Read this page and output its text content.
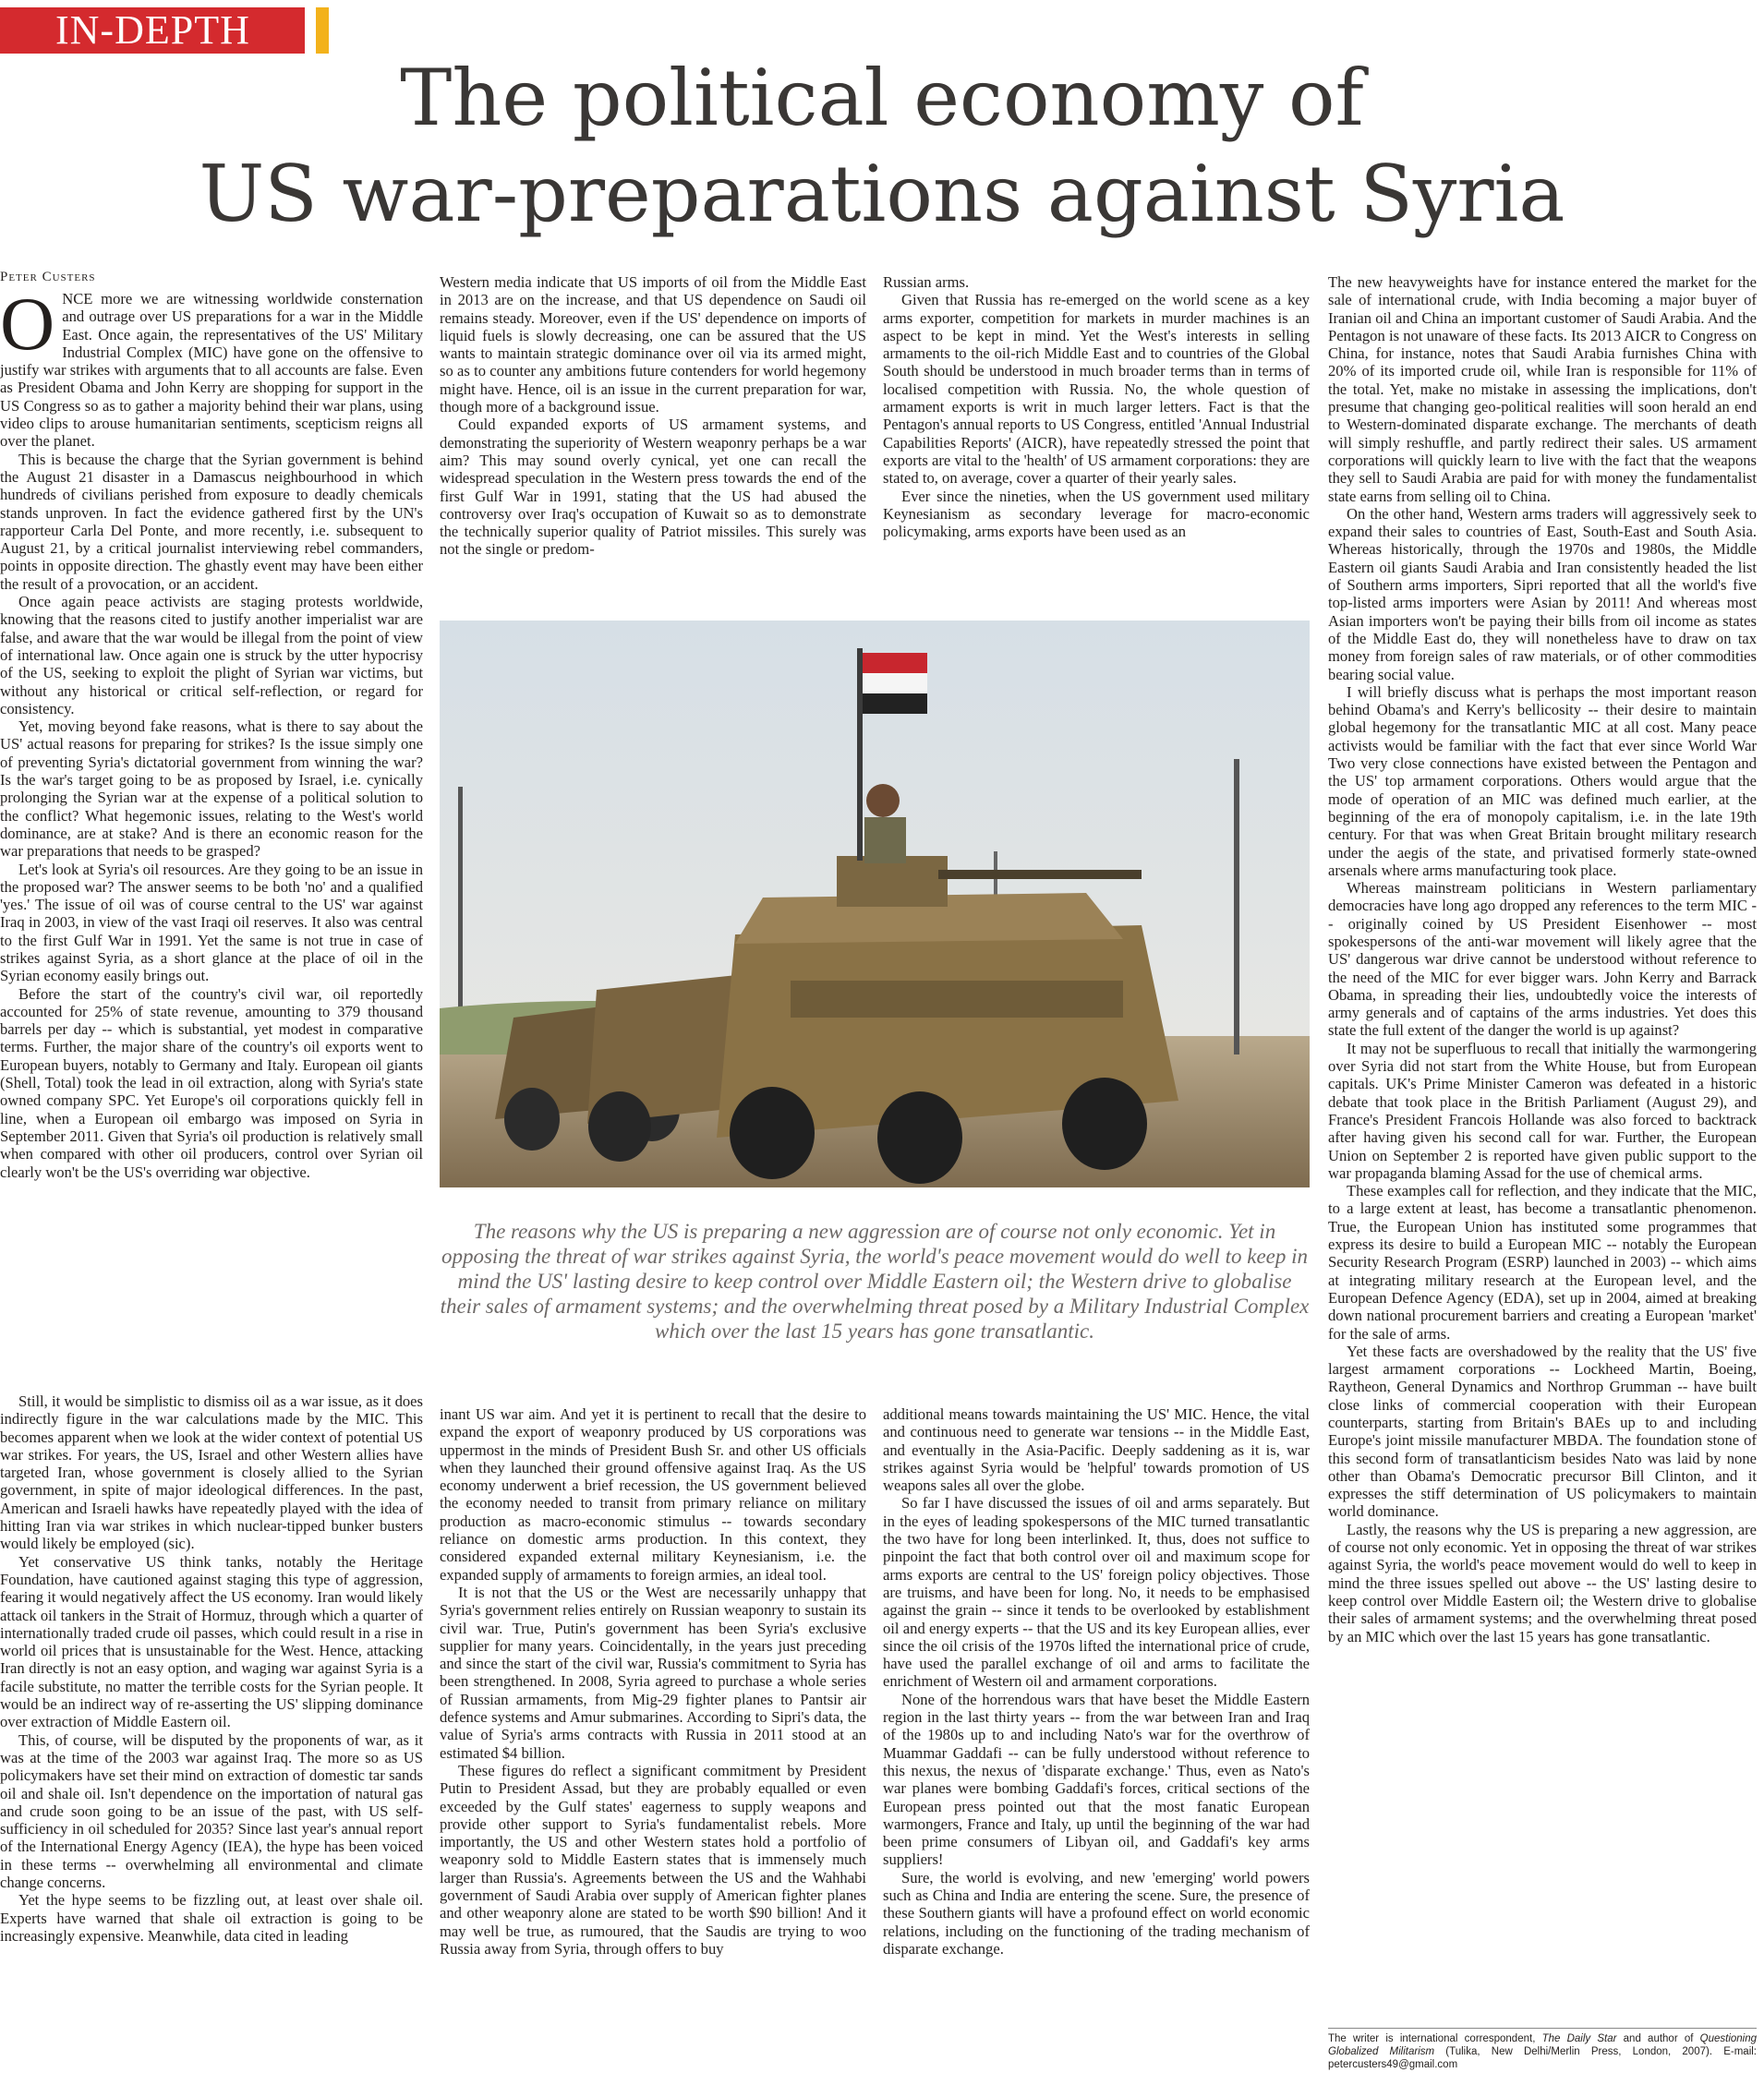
IN-DEPTH
The political economy of
US war-preparations against Syria
Peter Custers
O NCE more we are witnessing worldwide consternation and outrage over US preparations for a war in the Middle East. Once again, the representatives of the US' Military Industrial Complex (MIC) have gone on the offensive to justify war strikes with arguments that to all accounts are false. Even as President Obama and John Kerry are shopping for support in the US Congress so as to gather a majority behind their war plans, using video clips to arouse humanitarian sentiments, scepticism reigns all over the planet.

This is because the charge that the Syrian government is behind the August 21 disaster in a Damascus neighbourhood in which hundreds of civilians perished from exposure to deadly chemicals stands unproven. In fact the evidence gathered first by the UN's rapporteur Carla Del Ponte, and more recently, i.e. subsequent to August 21, by a critical journalist interviewing rebel commanders, points in opposite direction. The ghastly event may have been either the result of a provocation, or an accident.

Once again peace activists are staging protests worldwide, knowing that the reasons cited to justify another imperialist war are false, and aware that the war would be illegal from the point of view of international law. Once again one is struck by the utter hypocrisy of the US, seeking to exploit the plight of Syrian war victims, but without any historical or critical self-reflection, or regard for consistency.

Yet, moving beyond fake reasons, what is there to say about the US' actual reasons for preparing for strikes? Is the issue simply one of preventing Syria's dictatorial government from winning the war? Is the war's target going to be as proposed by Israel, i.e. cynically prolonging the Syrian war at the expense of a political solution to the conflict? What hegemonic issues, relating to the West's world dominance, are at stake? And is there an economic reason for the war preparations that needs to be grasped?

Let's look at Syria's oil resources. Are they going to be an issue in the proposed war? The answer seems to be both 'no' and a qualified 'yes.' The issue of oil was of course central to the US' war against Iraq in 2003, in view of the vast Iraqi oil reserves. It also was central to the first Gulf War in 1991. Yet the same is not true in case of strikes against Syria, as a short glance at the place of oil in the Syrian economy easily brings out.

Before the start of the country's civil war, oil reportedly accounted for 25% of state revenue, amounting to 379 thousand barrels per day -- which is substantial, yet modest in comparative terms. Further, the major share of the country's oil exports went to European buyers, notably to Germany and Italy. European oil giants (Shell, Total) took the lead in oil extraction, along with Syria's state owned company SPC. Yet Europe's oil corporations quickly fell in line, when a European oil embargo was imposed on Syria in September 2011. Given that Syria's oil production is relatively small when compared with other oil producers, control over Syrian oil clearly won't be the US's overriding war objective.

Still, it would be simplistic to dismiss oil as a war issue, as it does indirectly figure in the war calculations made by the MIC. This becomes apparent when we look at the wider context of potential US war strikes. For years, the US, Israel and other Western allies have targeted Iran, whose government is closely allied to the Syrian government, in spite of major ideological differences. In the past, American and Israeli hawks have repeatedly played with the idea of hitting Iran via war strikes in which nuclear-tipped bunker busters would likely be employed (sic).

Yet conservative US think tanks, notably the Heritage Foundation, have cautioned against staging this type of aggression, fearing it would negatively affect the US economy. Iran would likely attack oil tankers in the Strait of Hormuz, through which a quarter of internationally traded crude oil passes, which could result in a rise in world oil prices that is unsustainable for the West. Hence, attacking Iran directly is not an easy option, and waging war against Syria is a facile substitute, no matter the terrible costs for the Syrian people. It would be an indirect way of re-asserting the US' slipping dominance over extraction of Middle Eastern oil.

This, of course, will be disputed by the proponents of war, as it was at the time of the 2003 war against Iraq. The more so as US policymakers have set their mind on extraction of domestic tar sands oil and shale oil. Isn't dependence on the importation of natural gas and crude soon going to be an issue of the past, with US self-sufficiency in oil scheduled for 2035? Since last year's annual report of the International Energy Agency (IEA), the hype has been voiced in these terms -- overwhelming all environmental and climate change concerns.

Yet the hype seems to be fizzling out, at least over shale oil. Experts have warned that shale oil extraction is going to be increasingly expensive. Meanwhile, data cited in leading

Western media indicate that US imports of oil from the Middle East in 2013 are on the increase, and that US dependence on Saudi oil remains steady. Moreover, even if the US' dependence on imports of liquid fuels is slowly decreasing, one can be assured that the US wants to maintain strategic dominance over oil via its armed might, so as to counter any ambitions future contenders for world hegemony might have. Hence, oil is an issue in the current preparation for war, though more of a background issue.

Could expanded exports of US armament systems, and demonstrating the superiority of Western weaponry perhaps be a war aim? This may sound overly cynical, yet one can recall the widespread speculation in the Western press towards the end of the first Gulf War in 1991, stating that the US had abused the controversy over Iraq's occupation of Kuwait so as to demonstrate the technically superior quality of Patriot missiles. This surely was not the single or predom-

Russian arms.

Given that Russia has re-emerged on the world scene as a key arms exporter, competition for markets in murder machines is an aspect to be kept in mind. Yet the West's interests in selling armaments to the oil-rich Middle East and to countries of the Global South should be understood in much broader terms than in terms of localised competition with Russia. No, the whole question of armament exports is writ in much larger letters. Fact is that the Pentagon's annual reports to US Congress, entitled 'Annual Industrial Capabilities Reports' (AICR), have repeatedly stressed the point that exports are vital to the 'health' of US armament corporations: they are stated to, on average, cover a quarter of their yearly sales.

Ever since the nineties, when the US government used military Keynesianism as secondary leverage for macro-economic policymaking, arms exports have been used as an

The reasons why the US is preparing a new aggression are of course not only economic. Yet in opposing the threat of war strikes against Syria, the world's peace movement would do well to keep in mind the US' lasting desire to keep control over Middle Eastern oil; the Western drive to globalise their sales of armament systems; and the overwhelming threat posed by a Military Industrial Complex which over the last 15 years has gone transatlantic.

inant US war aim. And yet it is pertinent to recall that the desire to expand the export of weaponry produced by US corporations was uppermost in the minds of President Bush Sr. and other US officials when they launched their ground offensive against Iraq. As the US economy underwent a brief recession, the US government believed the economy needed to transit from primary reliance on military production as macro-economic stimulus -- towards secondary reliance on domestic arms production. In this context, they considered expanded external military Keynesianism, i.e. the expanded supply of armaments to foreign armies, an ideal tool.

It is not that the US or the West are necessarily unhappy that Syria's government relies entirely on Russian weaponry to sustain its civil war. True, Putin's government has been Syria's exclusive supplier for many years. Coincidentally, in the years just preceding and since the start of the civil war, Russia's commitment to Syria has been strengthened. In 2008, Syria agreed to purchase a whole series of Russian armaments, from Mig-29 fighter planes to Pantsir air defence systems and Amur submarines. According to Sipri's data, the value of Syria's arms contracts with Russia in 2011 stood at an estimated $4 billion.

These figures do reflect a significant commitment by President Putin to President Assad, but they are probably equalled or even exceeded by the Gulf states' eagerness to supply weapons and provide other support to Syria's fundamentalist rebels. More importantly, the US and other Western states hold a portfolio of weaponry sold to Middle Eastern states that is immensely much larger than Russia's. Agreements between the US and the Wahhabi government of Saudi Arabia over supply of American fighter planes and other weaponry alone are stated to be worth $90 billion! And it may well be true, as rumoured, that the Saudis are trying to woo Russia away from Syria, through offers to buy

additional means towards maintaining the US' MIC. Hence, the vital and continuous need to generate war tensions -- in the Middle East, and eventually in the Asia-Pacific. Deeply saddening as it is, war strikes against Syria would be 'helpful' towards promotion of US weapons sales all over the globe.

So far I have discussed the issues of oil and arms separately. But in the eyes of leading spokespersons of the MIC turned transatlantic the two have for long been interlinked. It, thus, does not suffice to pinpoint the fact that both control over oil and maximum scope for arms exports are central to the US' foreign policy objectives. Those are truisms, and have been for long. No, it needs to be emphasised against the grain -- since it tends to be overlooked by establishment oil and energy experts -- that the US and its key European allies, ever since the oil crisis of the 1970s lifted the international price of crude, have used the parallel exchange of oil and arms to facilitate the enrichment of Western oil and armament corporations.

None of the horrendous wars that have beset the Middle Eastern region in the last thirty years -- from the war between Iran and Iraq of the 1980s up to and including Nato's war for the overthrow of Muammar Gaddafi -- can be fully understood without reference to this nexus, the nexus of 'disparate exchange.' Thus, even as Nato's war planes were bombing Gaddafi's forces, critical sections of the European press pointed out that the most fanatic European warmongers, France and Italy, up until the beginning of the war had been prime consumers of Libyan oil, and Gaddafi's key arms suppliers!

Sure, the world is evolving, and new 'emerging' world powers such as China and India are entering the scene. Sure, the presence of these Southern giants will have a profound effect on world economic relations, including on the functioning of the trading mechanism of disparate exchange.

The new heavyweights have for instance entered the market for the sale of international crude, with India becoming a major buyer of Iranian oil and China an important customer of Saudi Arabia. And the Pentagon is not unaware of these facts. Its 2013 AICR to Congress on China, for instance, notes that Saudi Arabia furnishes China with 20% of its imported crude oil, while Iran is responsible for 11% of the total. Yet, make no mistake in assessing the implications, don't presume that changing geo-political realities will soon herald an end to Western-dominated disparate exchange. The merchants of death will simply reshuffle, and partly redirect their sales. US armament corporations will quickly learn to live with the fact that the weapons they sell to Saudi Arabia are paid for with money the fundamentalist state earns from selling oil to China.

On the other hand, Western arms traders will aggressively seek to expand their sales to countries of East, South-East and South Asia. Whereas historically, through the 1970s and 1980s, the Middle Eastern oil giants Saudi Arabia and Iran consistently headed the list of Southern arms importers, Sipri reported that all the world's five top-listed arms importers were Asian by 2011! And whereas most Asian importers won't be paying their bills from oil income as states of the Middle East do, they will nonetheless have to draw on tax money from foreign sales of raw materials, or of other commodities bearing social value.

I will briefly discuss what is perhaps the most important reason behind Obama's and Kerry's bellicosity -- their desire to maintain global hegemony for the transatlantic MIC at all cost. Many peace activists would be familiar with the fact that ever since World War Two very close connections have existed between the Pentagon and the US' top armament corporations. Others would argue that the mode of operation of an MIC was defined much earlier, at the beginning of the era of monopoly capitalism, i.e. in the late 19th century. For that was when Great Britain brought military research under the aegis of the state, and privatised formerly state-owned arsenals where arms manufacturing took place.

Whereas mainstream politicians in Western parliamentary democracies have long ago dropped any references to the term MIC -- originally coined by US President Eisenhower -- most spokespersons of the anti-war movement will likely agree that the US' dangerous war drive cannot be understood without reference to the need of the MIC for ever bigger wars. John Kerry and Barrack Obama, in spreading their lies, undoubtedly voice the interests of army generals and of captains of the arms industries. Yet does this state the full extent of the danger the world is up against?

It may not be superfluous to recall that initially the warmongering over Syria did not start from the White House, but from European capitals. UK's Prime Minister Cameron was defeated in a historic debate that took place in the British Parliament (August 29), and France's President Francois Hollande was also forced to backtrack after having given his second call for war. Further, the European Union on September 2 is reported have given public support to the war propaganda blaming Assad for the use of chemical arms.

These examples call for reflection, and they indicate that the MIC, to a large extent at least, has become a transatlantic phenomenon. True, the European Union has instituted some programmes that express its desire to build a European MIC -- notably the European Security Research Program (ESRP) launched in 2003) -- which aims at integrating military research at the European level, and the European Defence Agency (EDA), set up in 2004, aimed at breaking down national procurement barriers and creating a European 'market' for the sale of arms.

Yet these facts are overshadowed by the reality that the US' five largest armament corporations -- Lockheed Martin, Boeing, Raytheon, General Dynamics and Northrop Grumman -- have built close links of commercial cooperation with their European counterparts, starting from Britain's BAEs up to and including Europe's joint missile manufacturer MBDA. The foundation stone of this second form of transatlanticism besides Nato was laid by none other than Obama's Democratic precursor Bill Clinton, and it expresses the stiff determination of US policymakers to maintain world dominance.

Lastly, the reasons why the US is preparing a new aggression, are of course not only economic. Yet in opposing the threat of war strikes against Syria, the world's peace movement would do well to keep in mind the three issues spelled out above -- the US' lasting desire to keep control over Middle Eastern oil; the Western drive to globalise their sales of armament systems; and the overwhelming threat posed by an MIC which over the last 15 years has gone transatlantic.

The writer is international correspondent, The Daily Star and author of Questioning Globalized Militarism (Tulika, New Delhi/Merlin Press, London, 2007). E-mail: petercusters49@gmail.com
